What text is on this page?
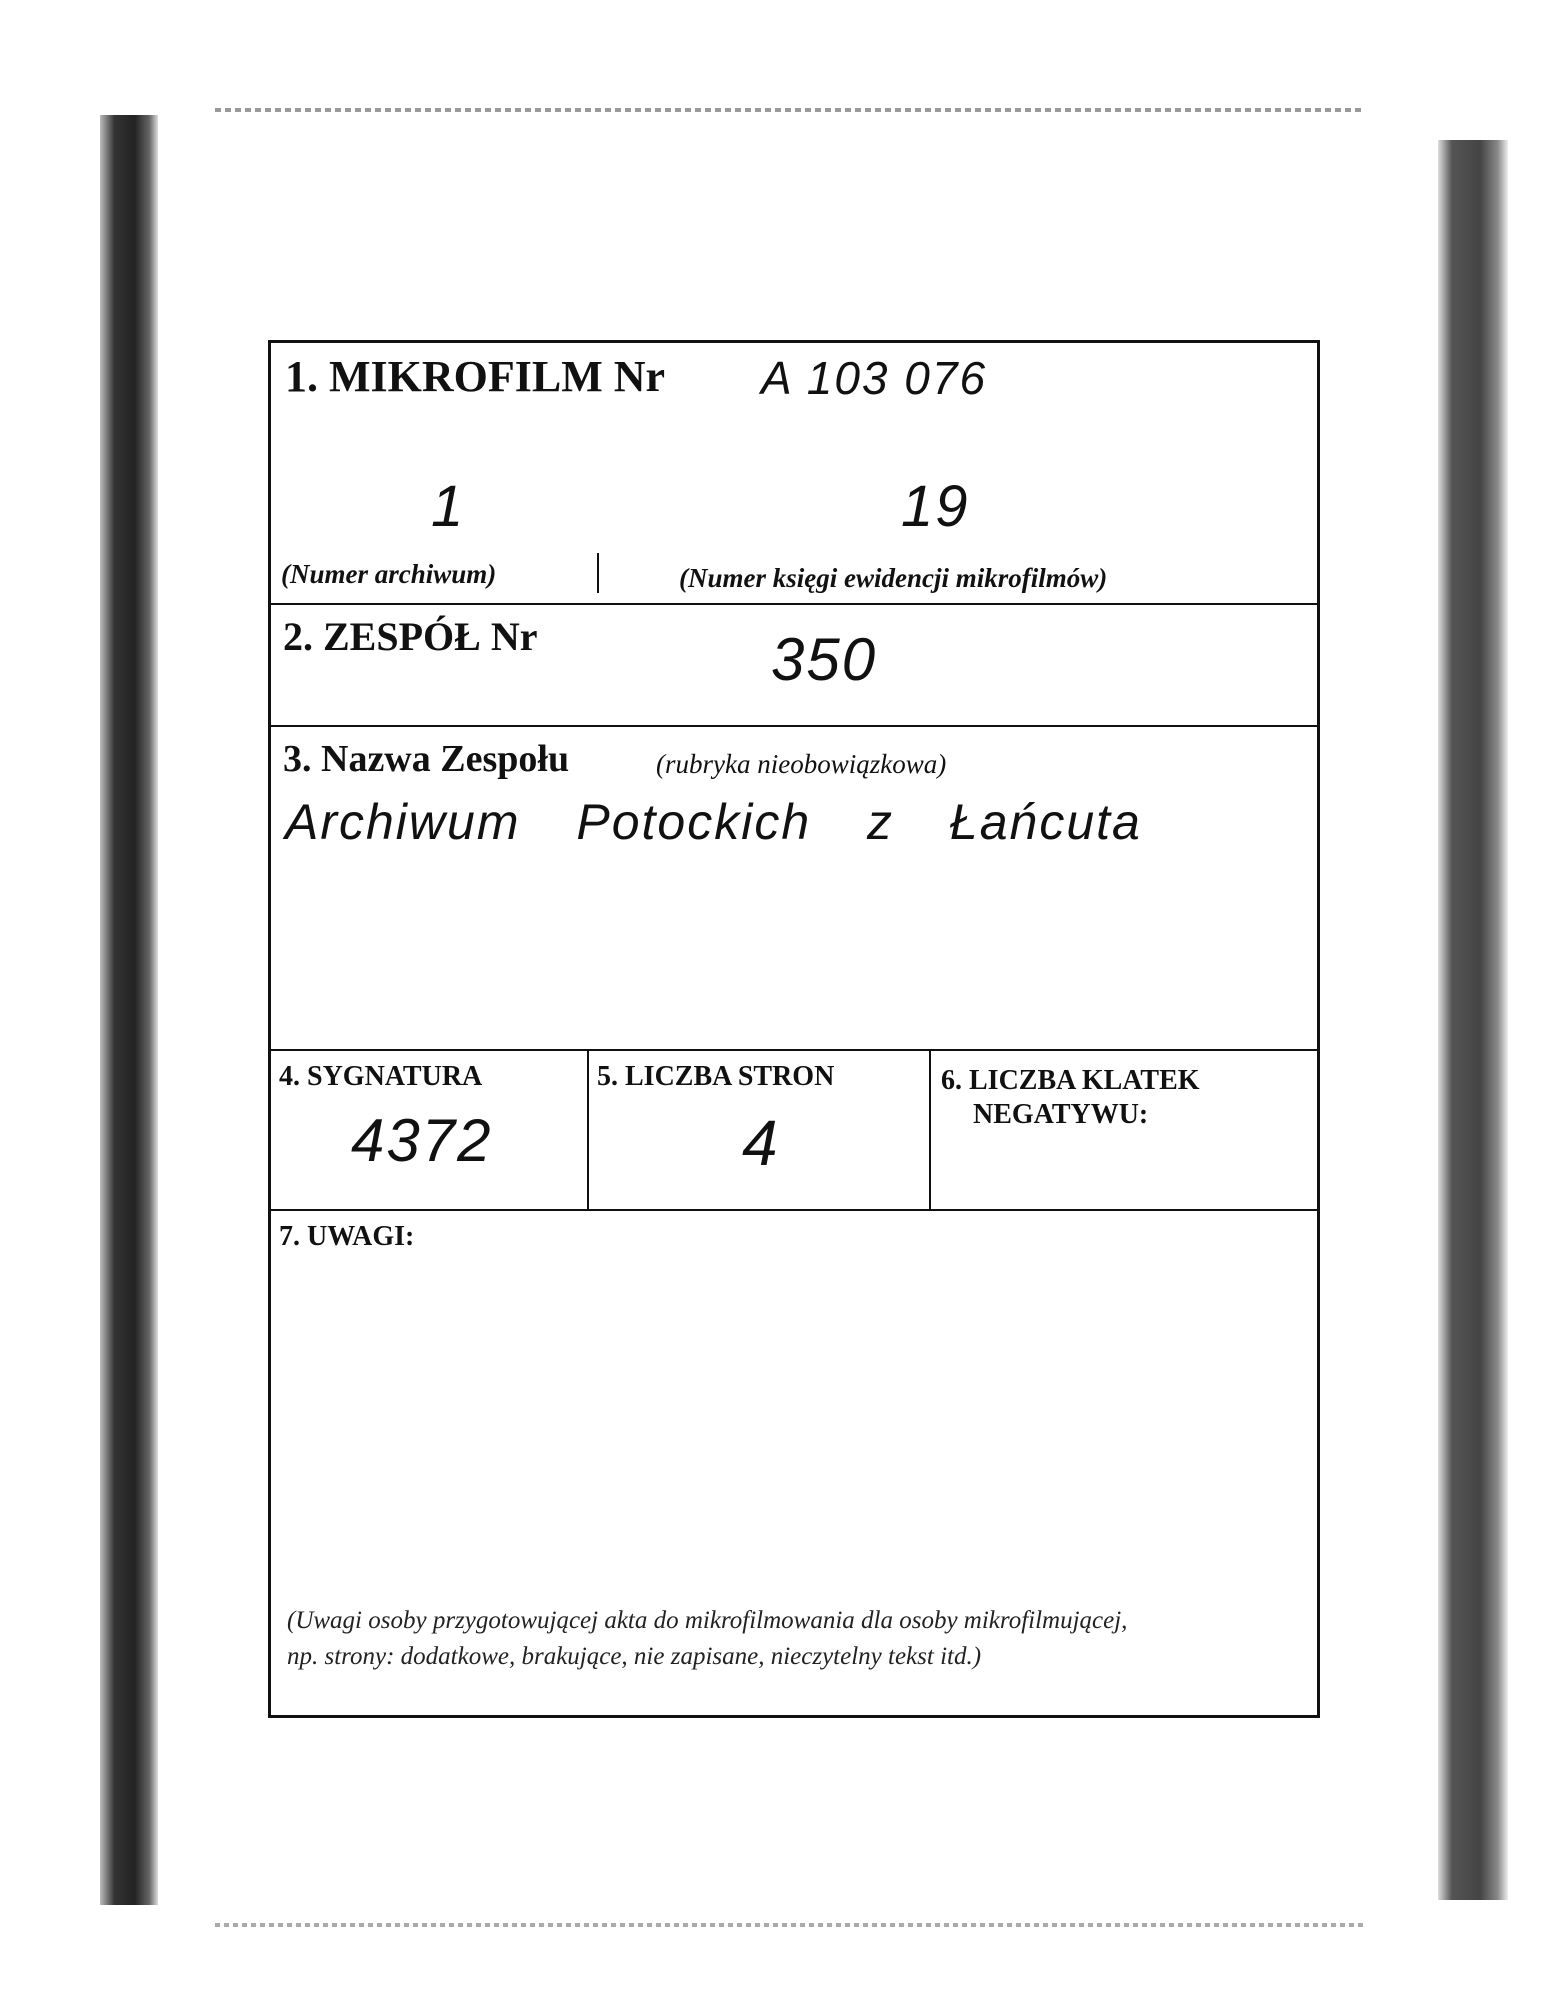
1. MIKROFILM Nr A 103 076
1	19
(Numer archiwum)	(Numer księgi ewidencji mikrofilmów)
2. ZESPÓŁ Nr	350
3. Nazwa Zespołu	(rubryka nieobowiązkowa)
Archiwum Potockich z Łańcuta
4. SYGNATURA
4372
5. LICZBA STRON
4
6. LICZBA KLATEK
NEGATYWU:
7. UWAGI:
(Uwagi osoby przygotowującej akta do mikrofilmowania dla osoby mikrofilmującej,
np. strony: dodatkowe, brakujące, nie zapisane, nieczytelny tekst itd.)
